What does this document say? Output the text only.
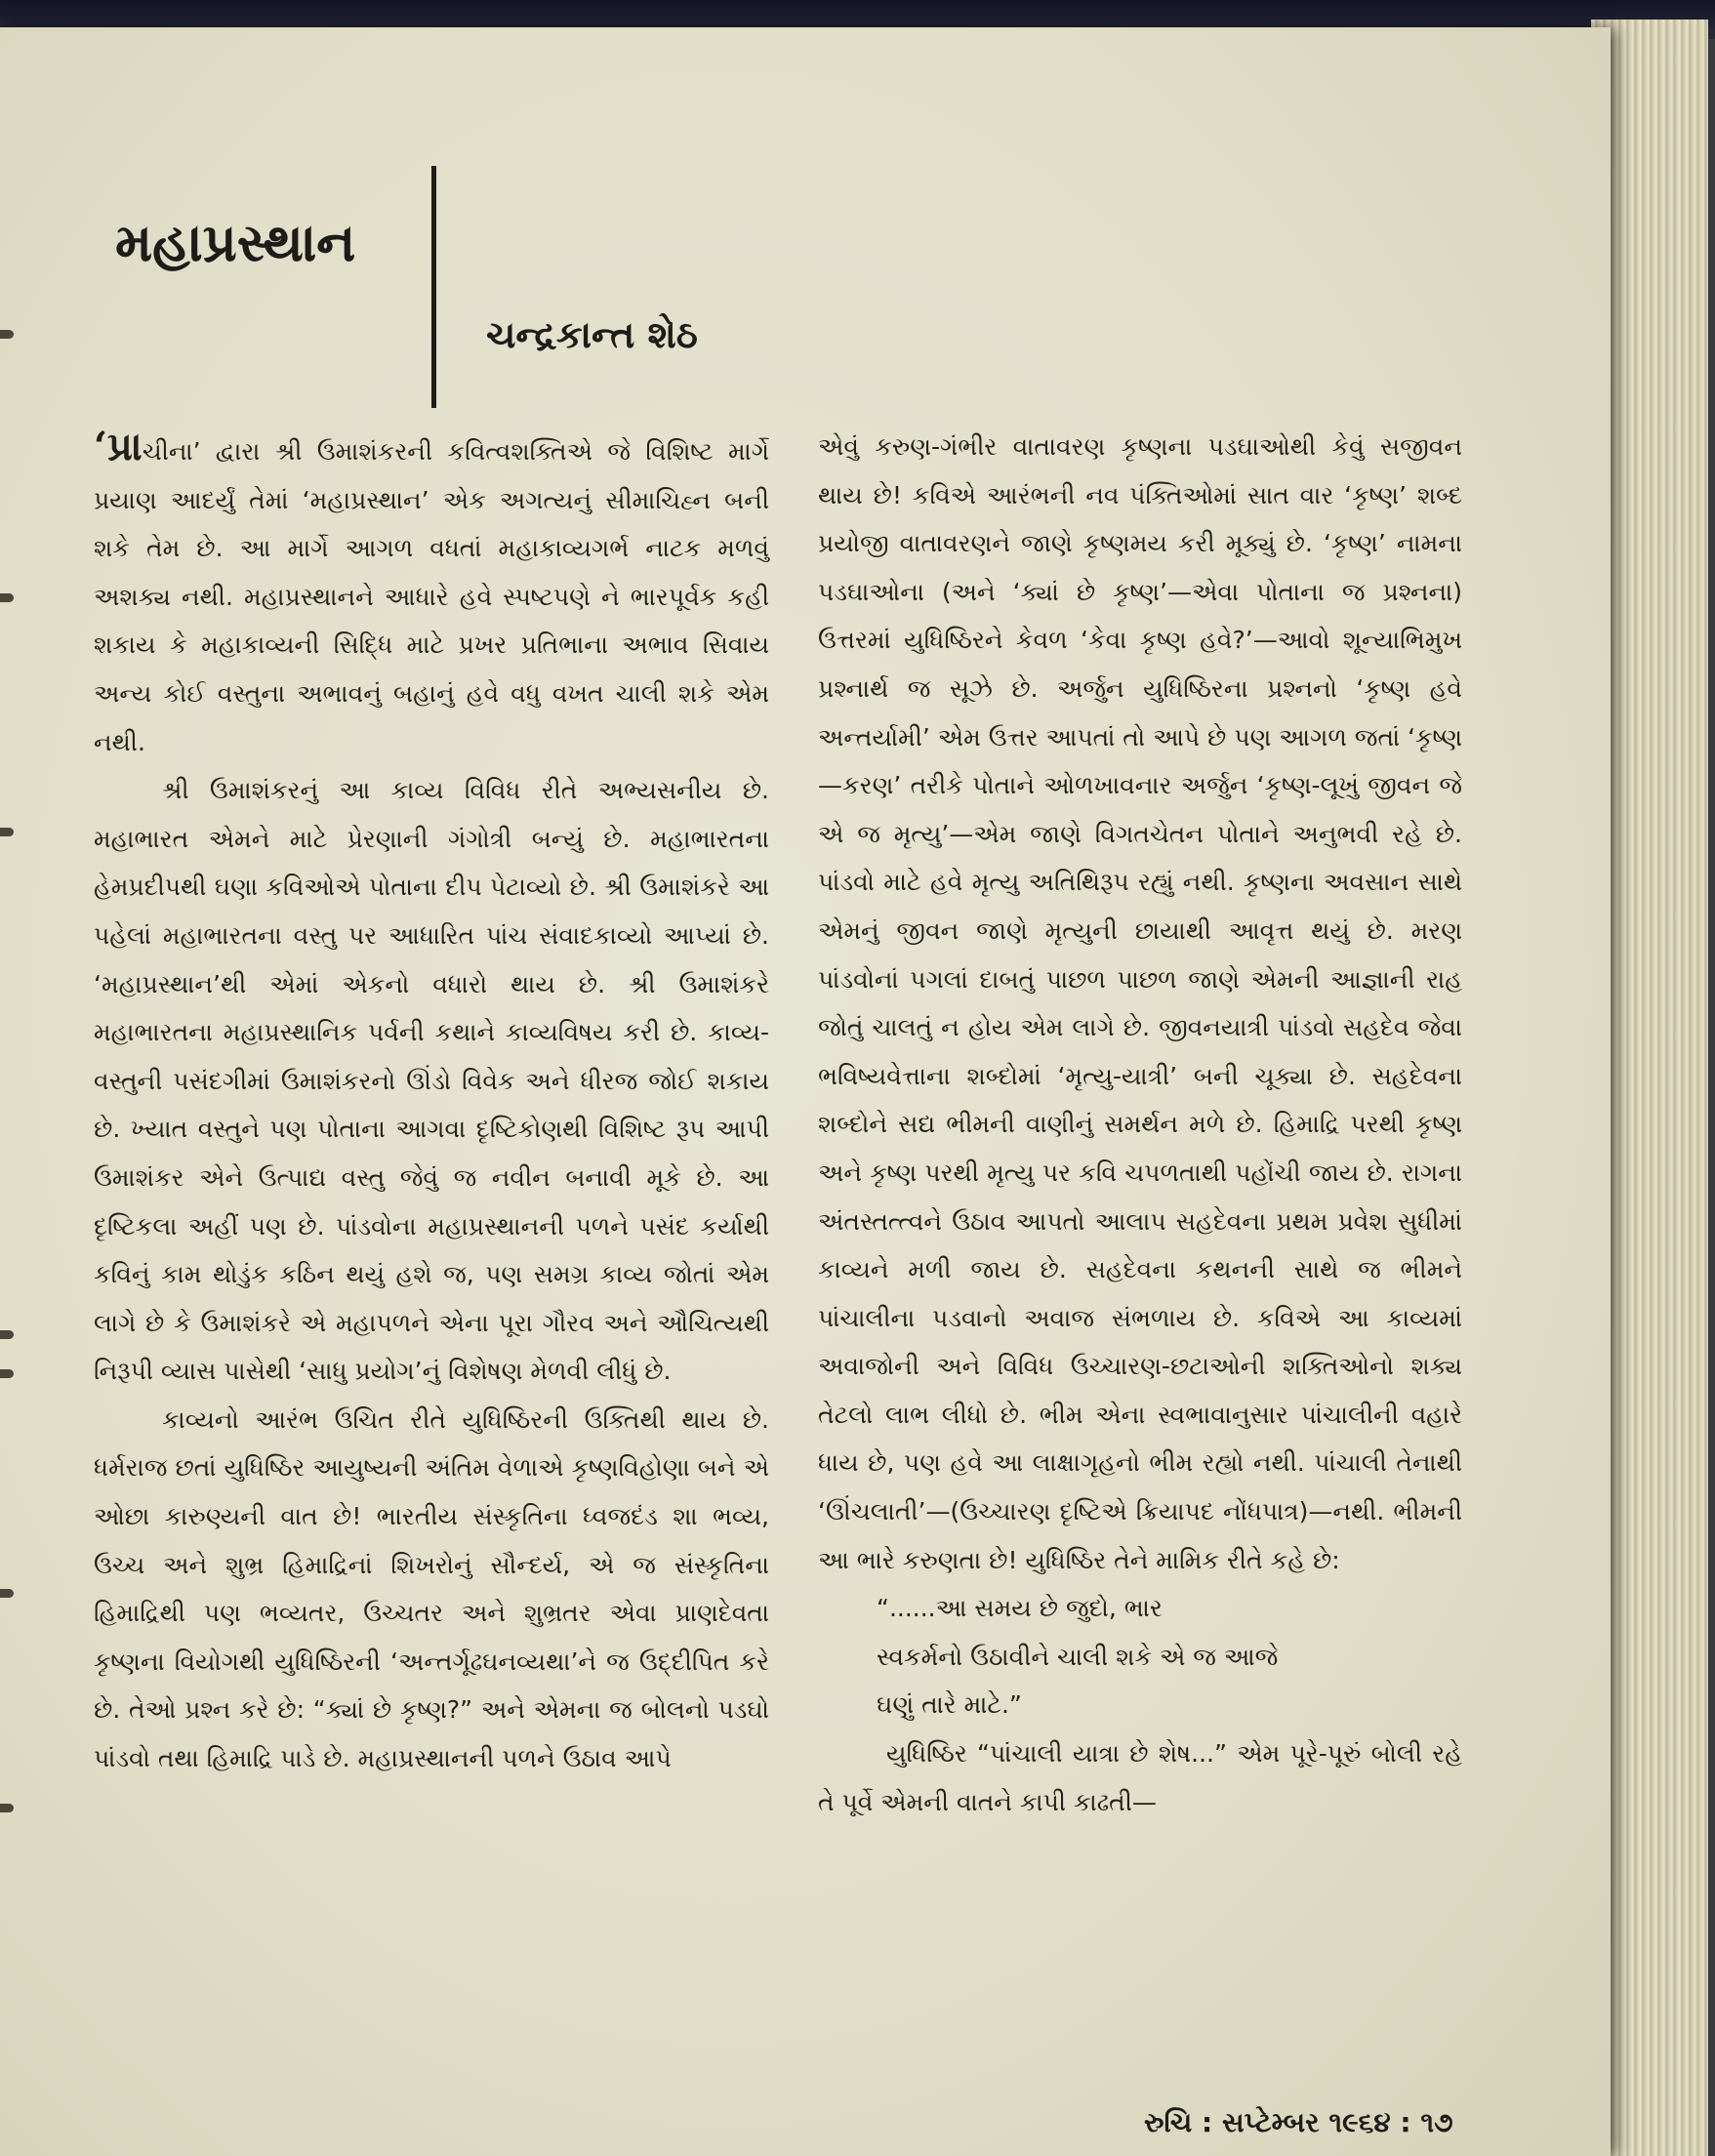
મહાપ્રસ્થાન
ચન્દ્રકાન્ત શેઠ

‘પ્રાચીના’ દ્વારા શ્રી ઉમાશંકરની કવિત્વશક્તિએ જે વિશિષ્ટ માર્ગે પ્રયાણ આદર્યું તેમાં ‘મહાપ્રસ્થાન’ એક અગત્યનું સીમાચિહ્ન બની શકે તેમ છે. આ માર્ગે આગળ વધતાં મહાકાવ્યગર્ભ નાટક મળવું અશક્ય નથી. મહાપ્રસ્થાનને આધારે હવે સ્પષ્ટપણે ને ભારપૂર્વક કહી શકાય કે મહાકાવ્યની સિદ્ધિ માટે પ્રખર પ્રતિભાના અભાવ સિવાય અન્ય કોઈ વસ્તુના અભાવનું બહાનું હવે વધુ વખત ચાલી શકે એમ નથી.

શ્રી ઉમાશંકરનું આ કાવ્ય વિવિધ રીતે અભ્યસનીય છે. મહાભારત એમને માટે પ્રેરણાની ગંગોત્રી બન્યું છે. મહાભારતના હેમપ્રદીપથી ઘણા કવિઓએ પોતાના દીપ પેટાવ્યો છે. શ્રી ઉમાશંકરે આ પહેલાં મહાભારતના વસ્તુ પર આધારિત પાંચ સંવાદકાવ્યો આપ્યાં છે. ‘મહાપ્રસ્થાન’થી એમાં એકનો વધારો થાય છે. શ્રી ઉમાશંકરે મહાભારતના મહાપ્રસ્થાનિક પર્વની કથાને કાવ્યવિષય કરી છે. કાવ્ય-વસ્તુની પસંદગીમાં ઉમાશંકરનો ઊંડો વિવેક અને ધીરજ જોઈ શકાય છે. ખ્યાત વસ્તુને પણ પોતાના આગવા દૃષ્ટિકોણથી વિશિષ્ટ રૂપ આપી ઉમાશંકર એને ઉત્પાદ્ય વસ્તુ જેવું જ નવીન બનાવી મૂકે છે. આ દૃષ્ટિકલા અહીં પણ છે. પાંડવોના મહાપ્રસ્થાનની પળને પસંદ કર્યાથી કવિનું કામ થોડુંક કઠિન થયું હશે જ, પણ સમગ્ર કાવ્ય જોતાં એમ લાગે છે કે ઉમાશંકરે એ મહાપળને એના પૂરા ગૌરવ અને ઔચિત્યથી નિરૂપી વ્યાસ પાસેથી ‘સાધુ પ્રયોગ’નું વિશેષણ મેળવી લીધું છે.

કાવ્યનો આરંભ ઉચિત રીતે યુધિષ્ઠિરની ઉક્તિથી થાય છે. ધર્મરાજ છતાં યુધિષ્ઠિર આયુષ્યની અંતિમ વેળાએ કૃષ્ણવિહોણા બને એ ઓછા કારુણ્યની વાત છે! ભારતીય સંસ્કૃતિના ધ્વજદંડ શા ભવ્ય, ઉચ્ચ અને શુભ્ર હિમાદ્રિનાં શિખરોનું સૌન્દર્ય, એ જ સંસ્કૃતિના હિમાદ્રિથી પણ ભવ્યતર, ઉચ્ચતર અને શુભ્રતર એવા પ્રાણદેવતા કૃષ્ણના વિયોગથી યુધિષ્ઠિરની ‘અન્તર્ગૂઢઘનવ્યથા’ને જ ઉદ્દીપિત કરે છે. તેઓ પ્રશ્ન કરે છે: “ક્યાં છે કૃષ્ણ?” અને એમના જ બોલનો પડઘો પાંડવો તથા હિમાદ્રિ પાડે છે. મહાપ્રસ્થાનની પળને ઉઠાવ આપે

એવું કરુણ-ગંભીર વાતાવરણ કૃષ્ણના પડઘાઓથી કેવું સજીવન થાય છે! કવિએ આરંભની નવ પંક્તિઓમાં સાત વાર ‘કૃષ્ણ’ શબ્દ પ્રયોજી વાતાવરણને જાણે કૃષ્ણમય કરી મૂક્યું છે. ‘કૃષ્ણ’ નામના પડઘાઓના (અને ‘ક્યાં છે કૃષ્ણ’—એવા પોતાના જ પ્રશ્નના) ઉત્તરમાં યુધિષ્ઠિરને કેવળ ‘કેવા કૃષ્ણ હવે?’—આવો શૂન્યાભિમુખ પ્રશ્નાર્થ જ સૂઝે છે. અર્જુન યુધિષ્ઠિરના પ્રશ્નનો ‘કૃષ્ણ હવે અન્તર્યામી’ એમ ઉત્તર આપતાં તો આપે છે પણ આગળ જતાં ‘કૃષ્ણ—કરણ’ તરીકે પોતાને ઓળખાવનાર અર્જુન ‘કૃષ્ણ-લૂખું જીવન જે એ જ મૃત્યુ’—એમ જાણે વિગતચેતન પોતાને અનુભવી રહે છે. પાંડવો માટે હવે મૃત્યુ અતિથિરૂપ રહ્યું નથી. કૃષ્ણના અવસાન સાથે એમનું જીવન જાણે મૃત્યુની છાયાથી આવૃત્ત થયું છે. મરણ પાંડવોનાં પગલાં દાબતું પાછળ પાછળ જાણે એમની આજ્ઞાની રાહ જોતું ચાલતું ન હોય એમ લાગે છે. જીવનયાત્રી પાંડવો સહદેવ જેવા ભવિષ્યવેત્તાના શબ્દોમાં ‘મૃત્યુ-યાત્રી’ બની ચૂક્યા છે. સહદેવના શબ્દોને સદ્ય ભીમની વાણીનું સમર્થન મળે છે. હિમાદ્રિ પરથી કૃષ્ણ અને કૃષ્ણ પરથી મૃત્યુ પર કવિ ચપળતાથી પહોંચી જાય છે. રાગના અંતસ્તત્ત્વને ઉઠાવ આપતો આલાપ સહદેવના પ્રથમ પ્રવેશ સુધીમાં કાવ્યને મળી જાય છે. સહદેવના કથનની સાથે જ ભીમને પાંચાલીના પડવાનો અવાજ સંભળાય છે. કવિએ આ કાવ્યમાં અવાજોની અને વિવિધ ઉચ્ચારણ-છટાઓની શક્તિઓનો શક્ય તેટલો લાભ લીધો છે. ભીમ એના સ્વભાવાનુસાર પાંચાલીની વહારે ધાય છે, પણ હવે આ લાક્ષાગૃહનો ભીમ રહ્યો નથી. પાંચાલી તેનાથી ‘ઊંચલાતી’—(ઉચ્ચારણ દૃષ્ટિએ ક્રિયાપદ નોંધપાત્ર)—નથી. ભીમની આ ભારે કરુણતા છે! યુધિષ્ઠિર તેને મામિક રીતે કહે છે:

“......આ સમય છે જુદો, ભાર

સ્વકર્મનો ઉઠાવીને ચાલી શકે એ જ આજે

ઘણું તારે માટે.”

યુધિષ્ઠિર “પાંચાલી યાત્રા છે શેષ...” એમ પૂરે-પૂરું બોલી રહે તે પૂર્વે એમની વાતને કાપી કાઢતી—

રુચિ : સપ્ટેમ્બર ૧૯૬૪ : ૧૭
